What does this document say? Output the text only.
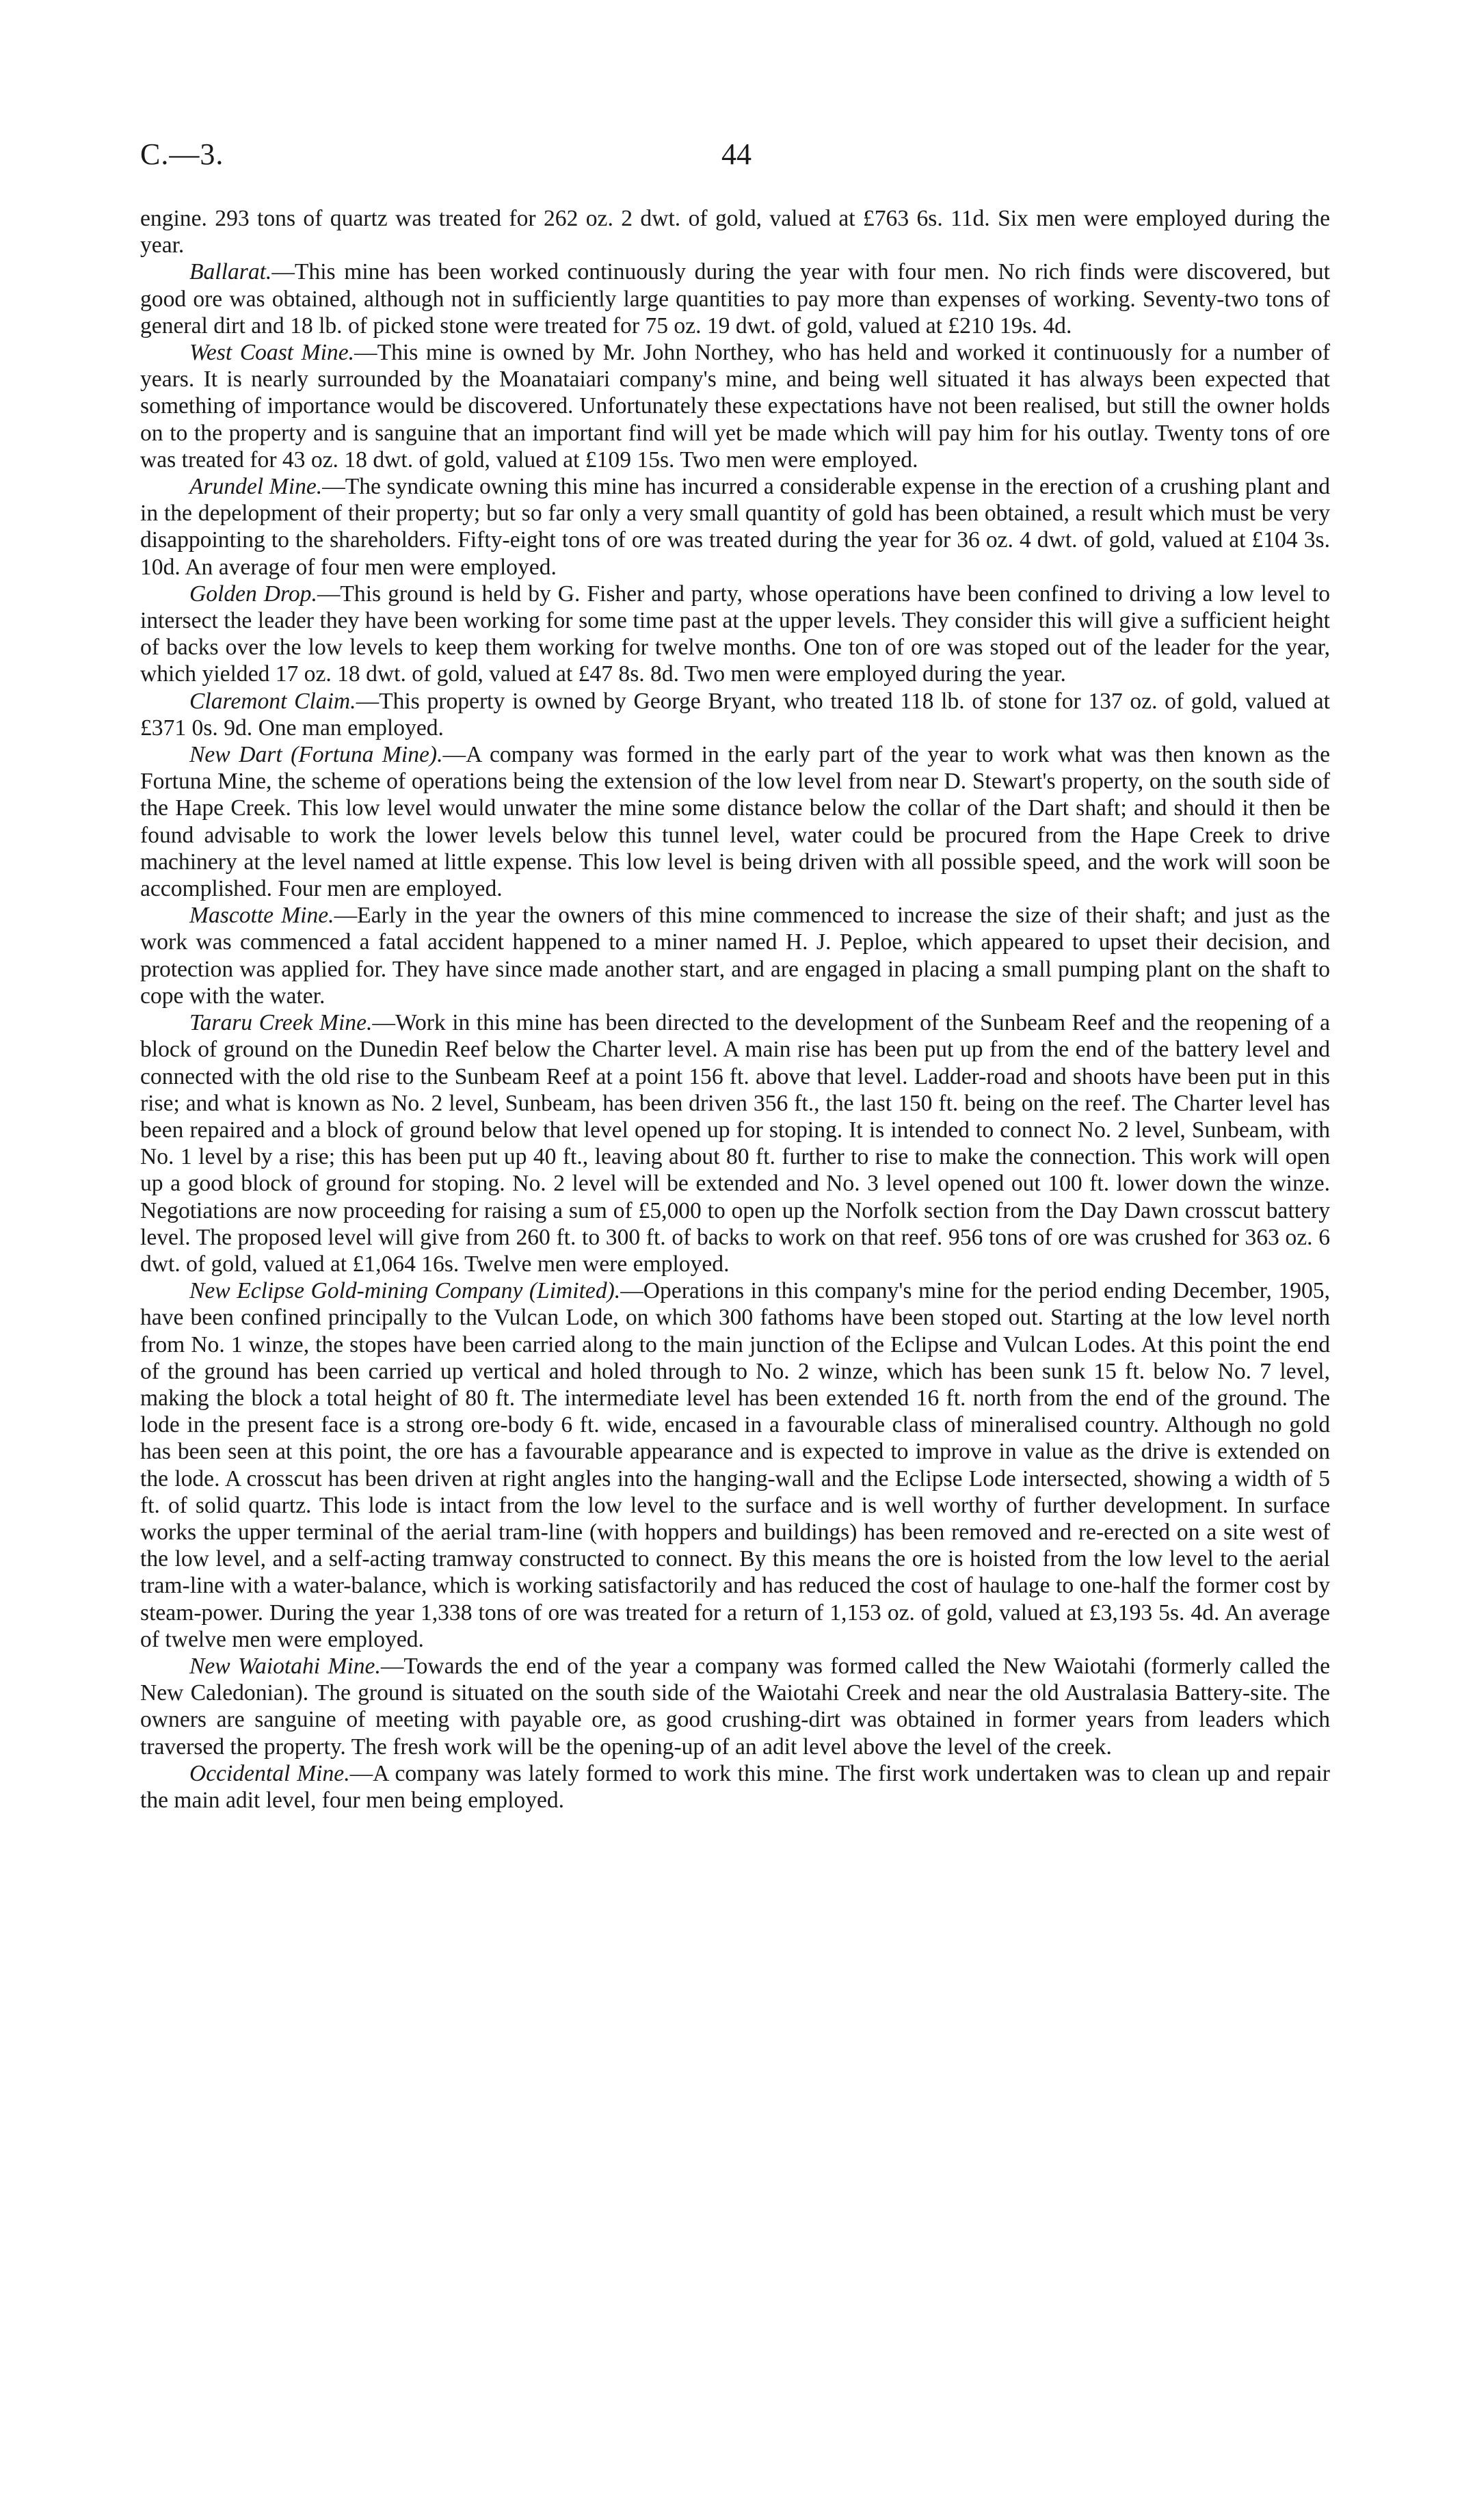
C.—3.	44

engine. 293 tons of quartz was treated for 262 oz. 2 dwt. of gold, valued at £763 6s. 11d. Six men were employed during the year.

Ballarat.—This mine has been worked continuously during the year with four men. No rich finds were discovered, but good ore was obtained, although not in sufficiently large quantities to pay more than expenses of working. Seventy-two tons of general dirt and 18 lb. of picked stone were treated for 75 oz. 19 dwt. of gold, valued at £210 19s. 4d.

West Coast Mine.—This mine is owned by Mr. John Northey, who has held and worked it continuously for a number of years. It is nearly surrounded by the Moanataiari company's mine, and being well situated it has always been expected that something of importance would be discovered. Unfortunately these expectations have not been realised, but still the owner holds on to the property and is sanguine that an important find will yet be made which will pay him for his outlay. Twenty tons of ore was treated for 43 oz. 18 dwt. of gold, valued at £109 15s. Two men were employed.

Arundel Mine.—The syndicate owning this mine has incurred a considerable expense in the erection of a crushing plant and in the depelopment of their property; but so far only a very small quantity of gold has been obtained, a result which must be very disappointing to the shareholders. Fifty-eight tons of ore was treated during the year for 36 oz. 4 dwt. of gold, valued at £104 3s. 10d. An average of four men were employed.

Golden Drop.—This ground is held by G. Fisher and party, whose operations have been confined to driving a low level to intersect the leader they have been working for some time past at the upper levels. They consider this will give a sufficient height of backs over the low levels to keep them working for twelve months. One ton of ore was stoped out of the leader for the year, which yielded 17 oz. 18 dwt. of gold, valued at £47 8s. 8d. Two men were employed during the year.

Claremont Claim.—This property is owned by George Bryant, who treated 118 lb. of stone for 137 oz. of gold, valued at £371 0s. 9d. One man employed.

New Dart (Fortuna Mine).—A company was formed in the early part of the year to work what was then known as the Fortuna Mine, the scheme of operations being the extension of the low level from near D. Stewart's property, on the south side of the Hape Creek. This low level would unwater the mine some distance below the collar of the Dart shaft; and should it then be found advisable to work the lower levels below this tunnel level, water could be procured from the Hape Creek to drive machinery at the level named at little expense. This low level is being driven with all possible speed, and the work will soon be accomplished. Four men are employed.

Mascotte Mine.—Early in the year the owners of this mine commenced to increase the size of their shaft; and just as the work was commenced a fatal accident happened to a miner named H. J. Peploe, which appeared to upset their decision, and protection was applied for. They have since made another start, and are engaged in placing a small pumping plant on the shaft to cope with the water.

Tararu Creek Mine.—Work in this mine has been directed to the development of the Sunbeam Reef and the reopening of a block of ground on the Dunedin Reef below the Charter level. A main rise has been put up from the end of the battery level and connected with the old rise to the Sunbeam Reef at a point 156 ft. above that level. Ladder-road and shoots have been put in this rise; and what is known as No. 2 level, Sunbeam, has been driven 356 ft., the last 150 ft. being on the reef. The Charter level has been repaired and a block of ground below that level opened up for stoping. It is intended to connect No. 2 level, Sunbeam, with No. 1 level by a rise; this has been put up 40 ft., leaving about 80 ft. further to rise to make the connection. This work will open up a good block of ground for stoping. No. 2 level will be extended and No. 3 level opened out 100 ft. lower down the winze. Negotiations are now proceeding for raising a sum of £5,000 to open up the Norfolk section from the Day Dawn crosscut battery level. The proposed level will give from 260 ft. to 300 ft. of backs to work on that reef. 956 tons of ore was crushed for 363 oz. 6 dwt. of gold, valued at £1,064 16s. Twelve men were employed.

New Eclipse Gold-mining Company (Limited).—Operations in this company's mine for the period ending December, 1905, have been confined principally to the Vulcan Lode, on which 300 fathoms have been stoped out. Starting at the low level north from No. 1 winze, the stopes have been carried along to the main junction of the Eclipse and Vulcan Lodes. At this point the end of the ground has been carried up vertical and holed through to No. 2 winze, which has been sunk 15 ft. below No. 7 level, making the block a total height of 80 ft. The intermediate level has been extended 16 ft. north from the end of the ground. The lode in the present face is a strong ore-body 6 ft. wide, encased in a favourable class of mineralised country. Although no gold has been seen at this point, the ore has a favourable appearance and is expected to improve in value as the drive is extended on the lode. A crosscut has been driven at right angles into the hanging-wall and the Eclipse Lode intersected, showing a width of 5 ft. of solid quartz. This lode is intact from the low level to the surface and is well worthy of further development. In surface works the upper terminal of the aerial tram-line (with hoppers and buildings) has been removed and re-erected on a site west of the low level, and a self-acting tramway constructed to connect. By this means the ore is hoisted from the low level to the aerial tram-line with a water-balance, which is working satisfactorily and has reduced the cost of haulage to one-half the former cost by steam-power. During the year 1,338 tons of ore was treated for a return of 1,153 oz. of gold, valued at £3,193 5s. 4d. An average of twelve men were employed.

New Waiotahi Mine.—Towards the end of the year a company was formed called the New Waiotahi (formerly called the New Caledonian). The ground is situated on the south side of the Waiotahi Creek and near the old Australasia Battery-site. The owners are sanguine of meeting with payable ore, as good crushing-dirt was obtained in former years from leaders which traversed the property. The fresh work will be the opening-up of an adit level above the level of the creek.

Occidental Mine.—A company was lately formed to work this mine. The first work undertaken was to clean up and repair the main adit level, four men being employed.
